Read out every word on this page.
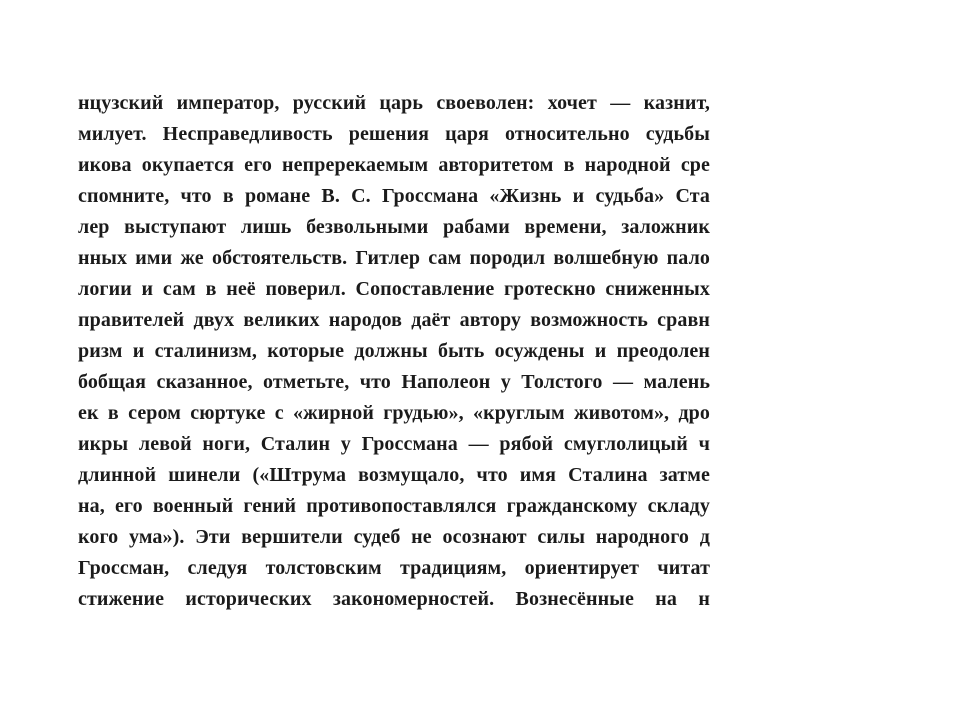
нцузский император, русский царь своеволен: хочет — казнит,
милует. Несправедливость решения царя относительно судьбы
икова окупается его непререкаемым авторитетом в народной сре
спомните, что в романе В. С. Гроссмана «Жизнь и судьба» Ста
лер выступают лишь безвольными рабами времени, заложник
нных ими же обстоятельств. Гитлер сам породил волшебную пало
логии и сам в неё поверил. Сопоставление гротескно сниженных
правителей двух великих народов даёт автору возможность сравн
ризм и сталинизм, которые должны быть осуждены и преодолен
бобщая сказанное, отметьте, что Наполеон у Толстого — малень
ек в сером сюртуке с «жирной грудью», «круглым животом», дро
икры левой ноги, Сталин у Гроссмана — рябой смуглолицый ч
длинной шинели («Штрума возмущало, что имя Сталина затме
на, его военный гений противопоставлялся гражданскому складу
кого ума»). Эти вершители судеб не осознают силы народного д
Гроссман, следуя толстовским традициям, ориентирует читат
стижение исторических закономерностей. Вознесённые на н
